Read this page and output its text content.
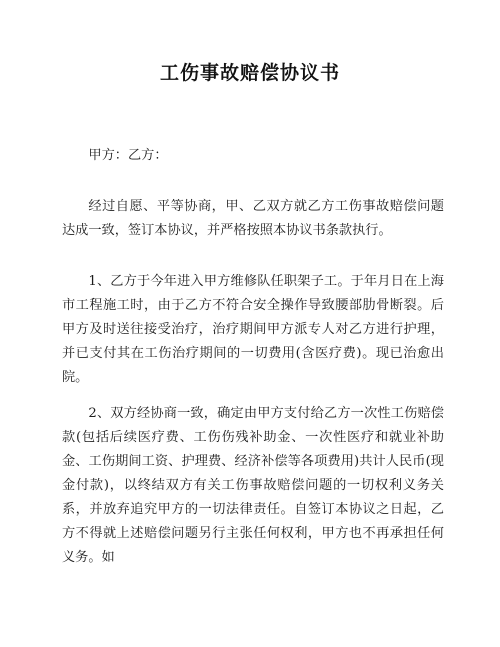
工伤事故赔偿协议书

甲方：乙方：

经过自愿、平等协商，甲、乙双方就乙方工伤事故赔偿问题达成一致，签订本协议，并严格按照本协议书条款执行。

1、乙方于今年进入甲方维修队任职架子工。于年月日在上海市工程施工时，由于乙方不符合安全操作导致腰部肋骨断裂。后甲方及时送往接受治疗，治疗期间甲方派专人对乙方进行护理，并已支付其在工伤治疗期间的一切费用(含医疗费)。现已治愈出院。

2、双方经协商一致，确定由甲方支付给乙方一次性工伤赔偿款(包括后续医疗费、工伤伤残补助金、一次性医疗和就业补助金、工伤期间工资、护理费、经济补偿等各项费用)共计人民币(现金付款)，以终结双方有关工伤事故赔偿问题的一切权利义务关系，并放弃追究甲方的一切法律责任。自签订本协议之日起，乙方不得就上述赔偿问题另行主张任何权利，甲方也不再承担任何义务。如
